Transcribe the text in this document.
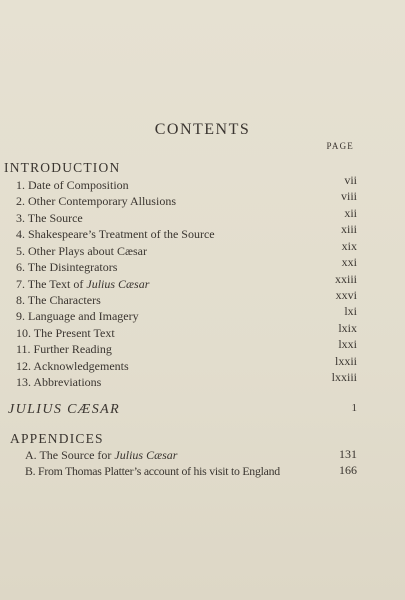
CONTENTS
PAGE
INTRODUCTION
1. Date of Composition	vii
2. Other Contemporary Allusions	viii
3. The Source	xii
4. Shakespeare’s Treatment of the Source	xiii
5. Other Plays about Cæsar	xix
6. The Disintegrators	xxi
7. The Text of Julius Cæsar	xxiii
8. The Characters	xxvi
9. Language and Imagery	lxi
10. The Present Text	lxix
11. Further Reading	lxxi
12. Acknowledgements	lxxii
13. Abbreviations	lxxiii
JULIUS CÆSAR	1
APPENDICES
A. The Source for Julius Cæsar	131
B. From Thomas Platter’s account of his visit to England	166
